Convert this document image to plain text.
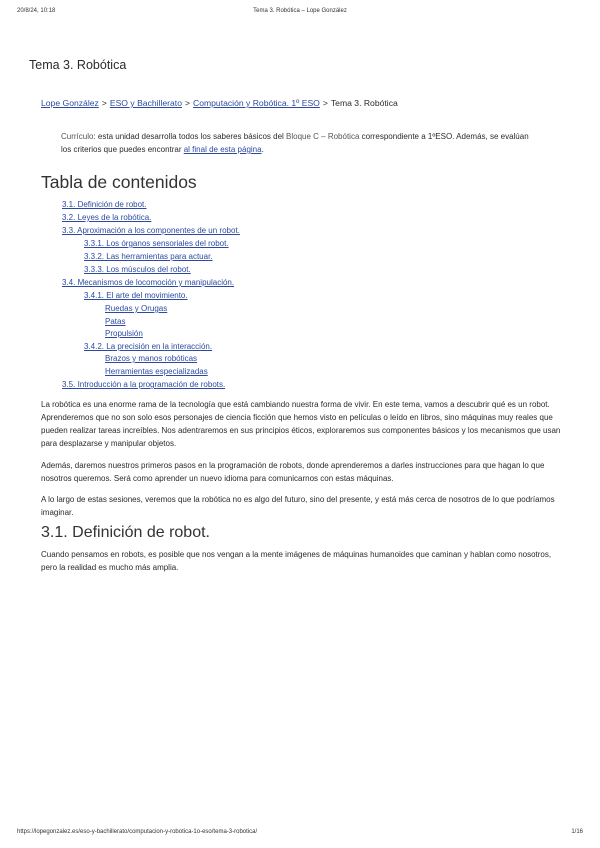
20/8/24, 10:18	Tema 3. Robótica – Lope González
Tema 3. Robótica
Lope González > ESO y Bachillerato > Computación y Robótica. 1º ESO > Tema 3. Robótica
Currículo: esta unidad desarrolla todos los saberes básicos del Bloque C – Robótica correspondiente a 1ºESO. Además, se evalúan los criterios que puedes encontrar al final de esta página.
Tabla de contenidos
3.1. Definición de robot.
3.2. Leyes de la robótica.
3.3. Aproximación a los componentes de un robot.
3.3.1. Los órganos sensoriales del robot.
3.3.2. Las herramientas para actuar.
3.3.3. Los músculos del robot.
3.4. Mecanismos de locomoción y manipulación.
3.4.1. El arte del movimiento.
Ruedas y Orugas
Patas
Propulsión
3.4.2. La precisión en la interacción.
Brazos y manos robóticas
Herramientas especializadas
3.5. Introducción a la programación de robots.

La robótica es una enorme rama de la tecnología que está cambiando nuestra forma de vivir. En este tema, vamos a descubrir qué es un robot. Aprenderemos que no son solo esos personajes de ciencia ficción que hemos visto en películas o leído en libros, sino máquinas muy reales que pueden realizar tareas increíbles. Nos adentraremos en sus principios éticos, exploraremos sus componentes básicos y los mecanismos que usan para desplazarse y manipular objetos.

Además, daremos nuestros primeros pasos en la programación de robots, donde aprenderemos a darles instrucciones para que hagan lo que nosotros queremos. Será como aprender un nuevo idioma para comunicarnos con estas máquinas.

A lo largo de estas sesiones, veremos que la robótica no es algo del futuro, sino del presente, y está más cerca de nosotros de lo que podríamos imaginar.

3.1. Definición de robot.

Cuando pensamos en robots, es posible que nos vengan a la mente imágenes de máquinas humanoides que caminan y hablan como nosotros, pero la realidad es mucho más amplia.

https://lopegonzalez.es/eso-y-bachillerato/computacion-y-robotica-1o-eso/tema-3-robotica/	1/16
